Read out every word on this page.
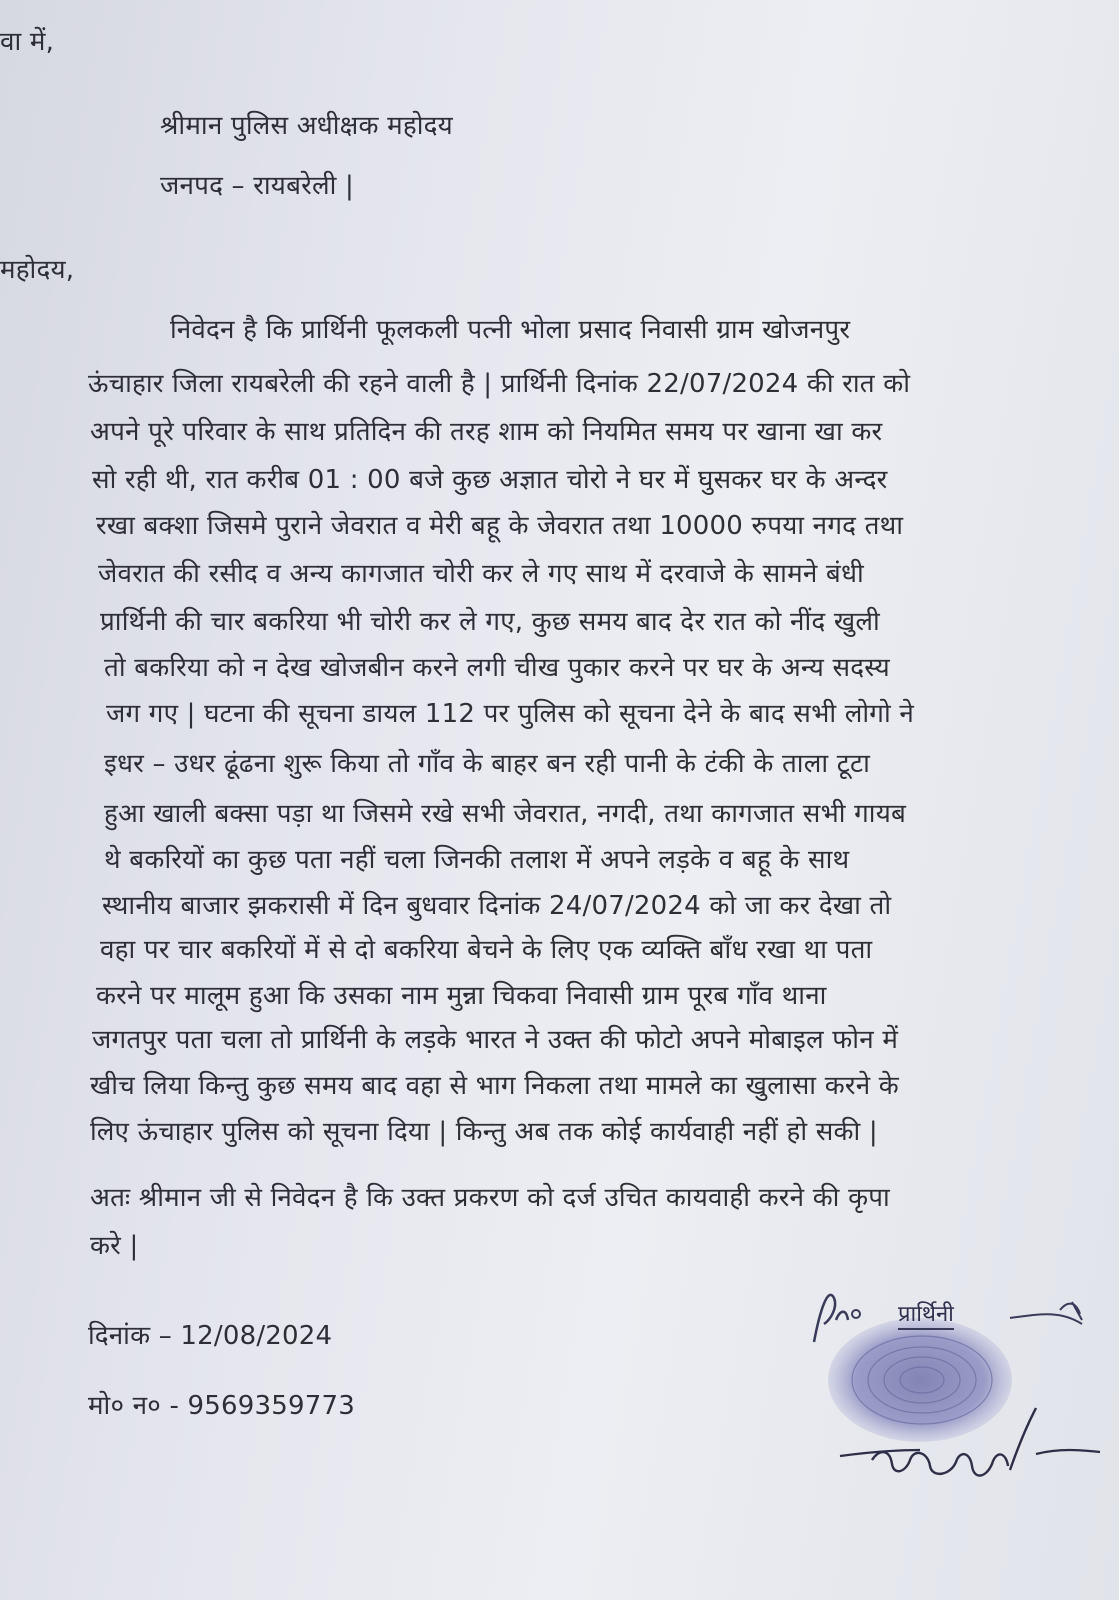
वा में,
श्रीमान पुलिस अधीक्षक महोदय
जनपद – रायबरेली |
महोदय,
निवेदन है कि प्रार्थिनी फूलकली पत्नी भोला प्रसाद निवासी ग्राम खोजनपुर
ऊंचाहार जिला रायबरेली की रहने वाली है | प्रार्थिनी दिनांक 22/07/2024 की रात को
अपने पूरे परिवार के साथ प्रतिदिन की तरह शाम को नियमित समय पर खाना खा कर
सो रही थी, रात करीब 01 : 00 बजे कुछ अज्ञात चोरो ने घर में घुसकर घर के अन्दर
रखा बक्शा जिसमे पुराने जेवरात व मेरी बहू के जेवरात तथा 10000 रुपया नगद तथा
जेवरात की रसीद व अन्य कागजात चोरी कर ले गए साथ में दरवाजे के सामने बंधी
प्रार्थिनी की चार बकरिया भी चोरी कर ले गए, कुछ समय बाद देर रात को नींद खुली
तो बकरिया को न देख खोजबीन करने लगी चीख पुकार करने पर घर के अन्य सदस्य
जग गए | घटना की सूचना डायल 112 पर पुलिस को सूचना देने के बाद सभी लोगो ने
इधर – उधर ढूंढना शुरू किया तो गाँव के बाहर बन रही पानी के टंकी के ताला टूटा
हुआ खाली बक्सा पड़ा था जिसमे रखे सभी जेवरात, नगदी, तथा कागजात सभी गायब
थे बकरियों का कुछ पता नहीं चला जिनकी तलाश में अपने लड़के व बहू के साथ
स्थानीय बाजार झकरासी में दिन बुधवार दिनांक 24/07/2024 को जा कर देखा तो
वहा पर चार बकरियों में से दो बकरिया बेचने के लिए एक व्यक्ति बाँध रखा था पता
करने पर मालूम हुआ कि उसका नाम मुन्ना चिकवा निवासी ग्राम पूरब गाँव थाना
जगतपुर पता चला तो प्रार्थिनी के लड़के भारत ने उक्त की फोटो अपने मोबाइल फोन में
खीच लिया किन्तु कुछ समय बाद वहा से भाग निकला तथा मामले का खुलासा करने के
लिए ऊंचाहार पुलिस को सूचना दिया | किन्तु अब तक कोई कार्यवाही नहीं हो सकी |
अतः श्रीमान जी से निवेदन है कि उक्त प्रकरण को दर्ज उचित कायवाही करने की कृपा
करे |
दिनांक – 12/08/2024
मो० न० - 9569359773
प्रार्थिनी
